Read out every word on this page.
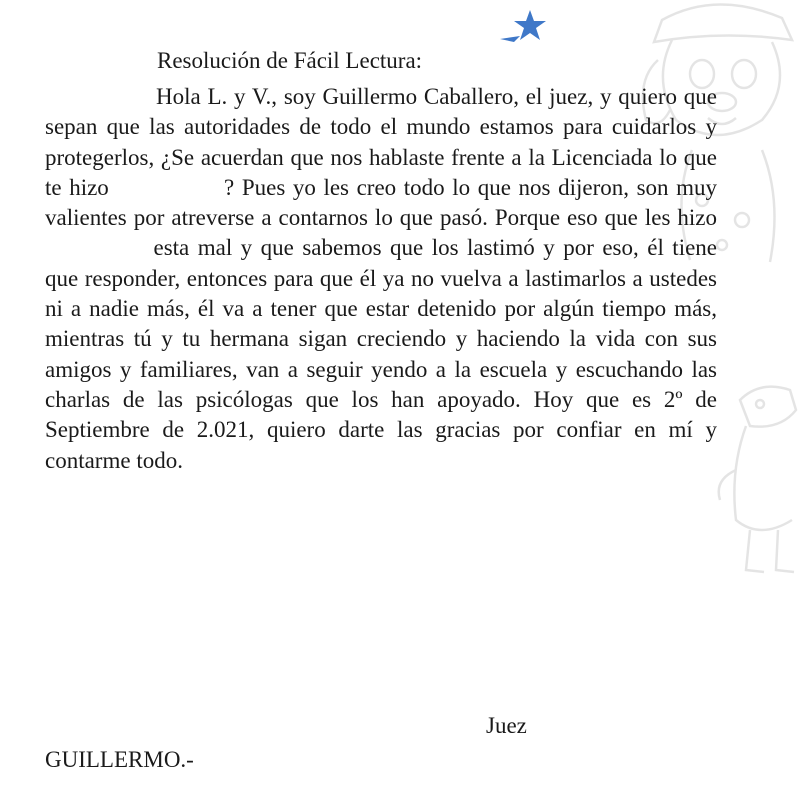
Resolución de Fácil Lectura:

Hola L. y V., soy Guillermo Caballero, el juez, y quiero que sepan que las autoridades de todo el mundo estamos para cuidarlos y protegerlos, ¿Se acuerdan que nos hablaste frente a la Licenciada lo que te hizo	? Pues yo les creo todo lo que nos dijeron, son muy valientes por atreverse a contarnos lo que pasó. Porque eso que les hizo  esta mal y que sabemos que los lastimó y por eso, él tiene que responder, entonces para que él ya no vuelva a lastimarlos a ustedes ni a nadie más, él va a tener que estar detenido por algún tiempo más, mientras tú y tu hermana sigan creciendo y haciendo la vida con sus amigos y familiares, van a seguir yendo a la escuela y escuchando las charlas de las psicólogas que los han apoyado. Hoy que es 2º de Septiembre de 2.021, quiero darte las gracias por confiar en mí y contarme todo.

Juez
GUILLERMO.-
